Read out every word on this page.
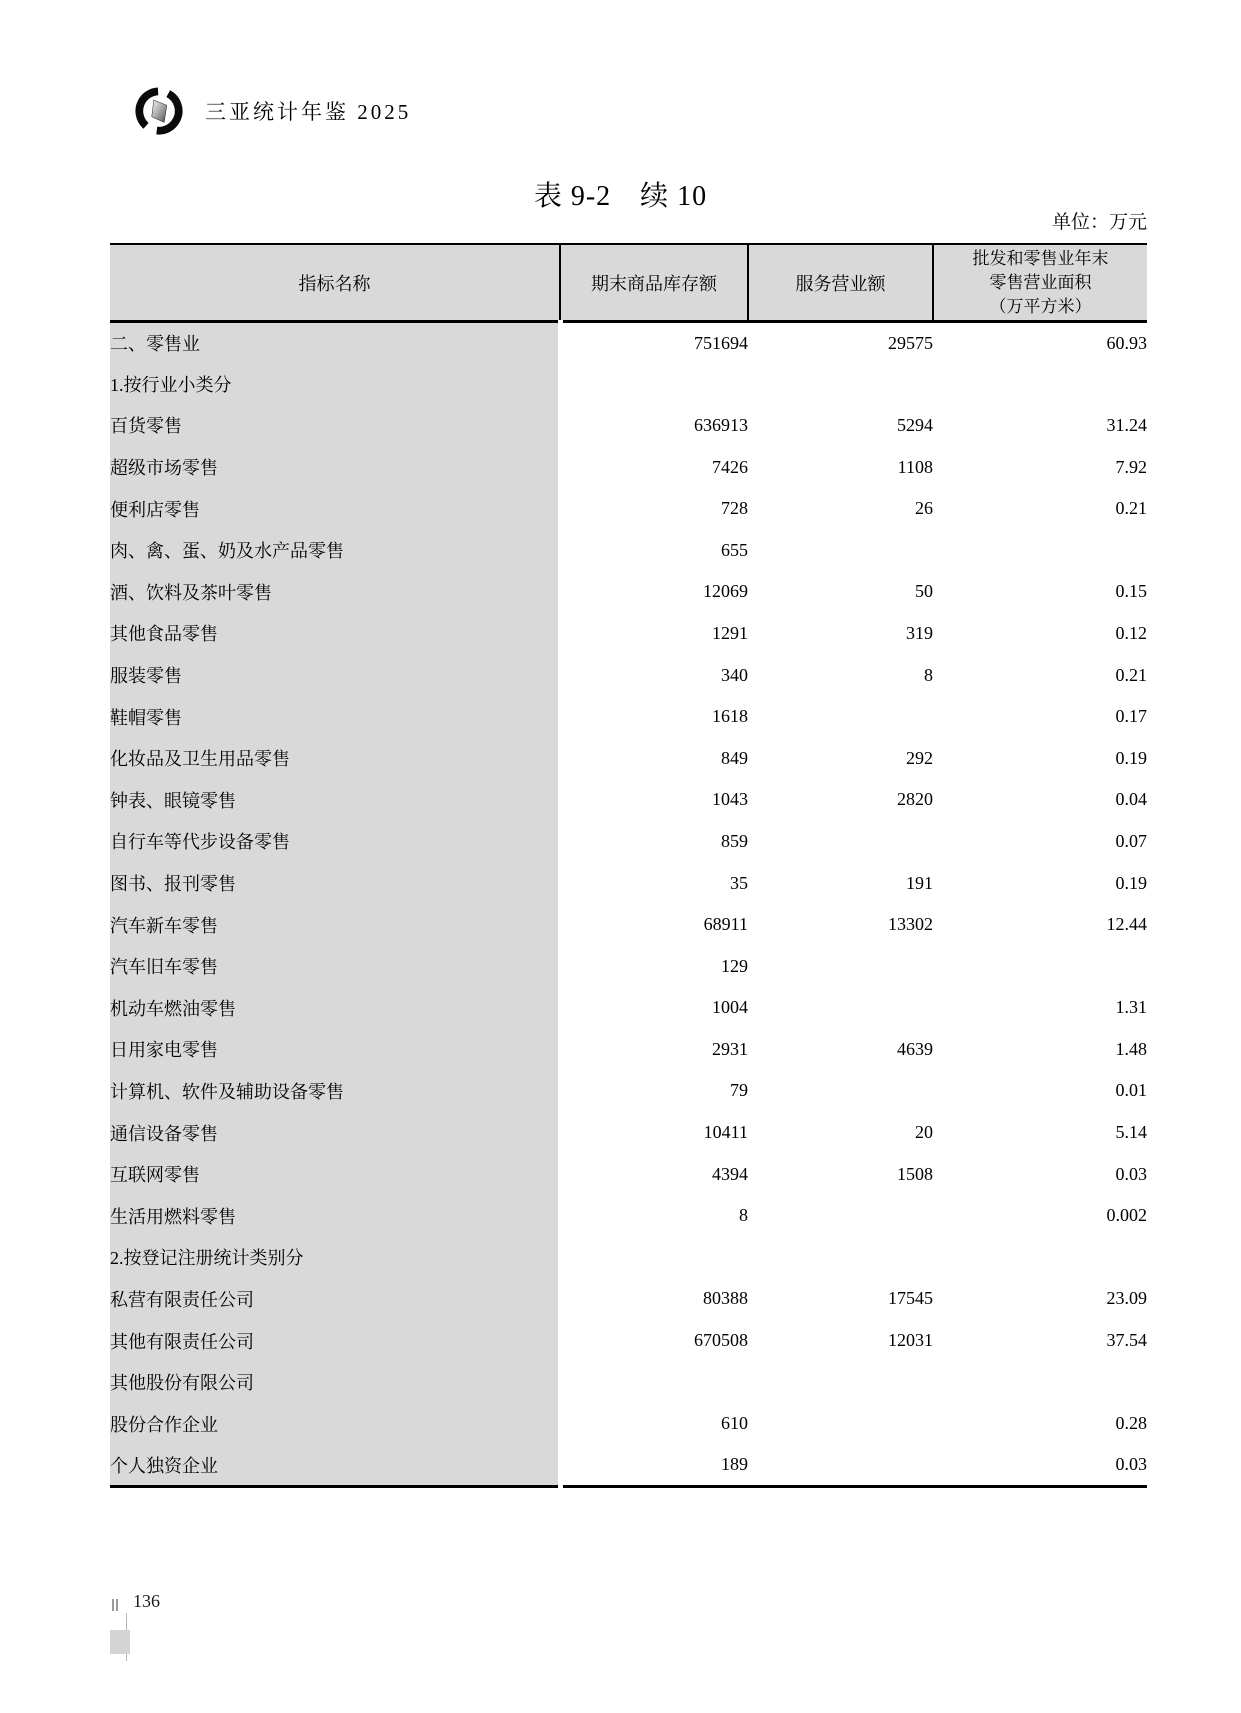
三亚统计年鉴 2025
表 9-2　续 10
单位：万元
指标名称	期末商品库存额	服务营业额	批发和零售业年末
零售营业面积
（万平方米）

二、零售业	751694	29575	60.93
1.按行业小类分			
百货零售	636913	5294	31.24
超级市场零售	7426	1108	7.92
便利店零售	728	26	0.21
肉、禽、蛋、奶及水产品零售	655		
酒、饮料及茶叶零售	12069	50	0.15
其他食品零售	1291	319	0.12
服装零售	340	8	0.21
鞋帽零售	1618		0.17
化妆品及卫生用品零售	849	292	0.19
钟表、眼镜零售	1043	2820	0.04
自行车等代步设备零售	859		0.07
图书、报刊零售	35	191	0.19
汽车新车零售	68911	13302	12.44
汽车旧车零售	129		
机动车燃油零售	1004		1.31
日用家电零售	2931	4639	1.48
计算机、软件及辅助设备零售	79		0.01
通信设备零售	10411	20	5.14
互联网零售	4394	1508	0.03
生活用燃料零售	8		0.002
2.按登记注册统计类别分			
私营有限责任公司	80388	17545	23.09
其他有限责任公司	670508	12031	37.54
其他股份有限公司			
股份合作企业	610		0.28
个人独资企业	189		0.03
136
